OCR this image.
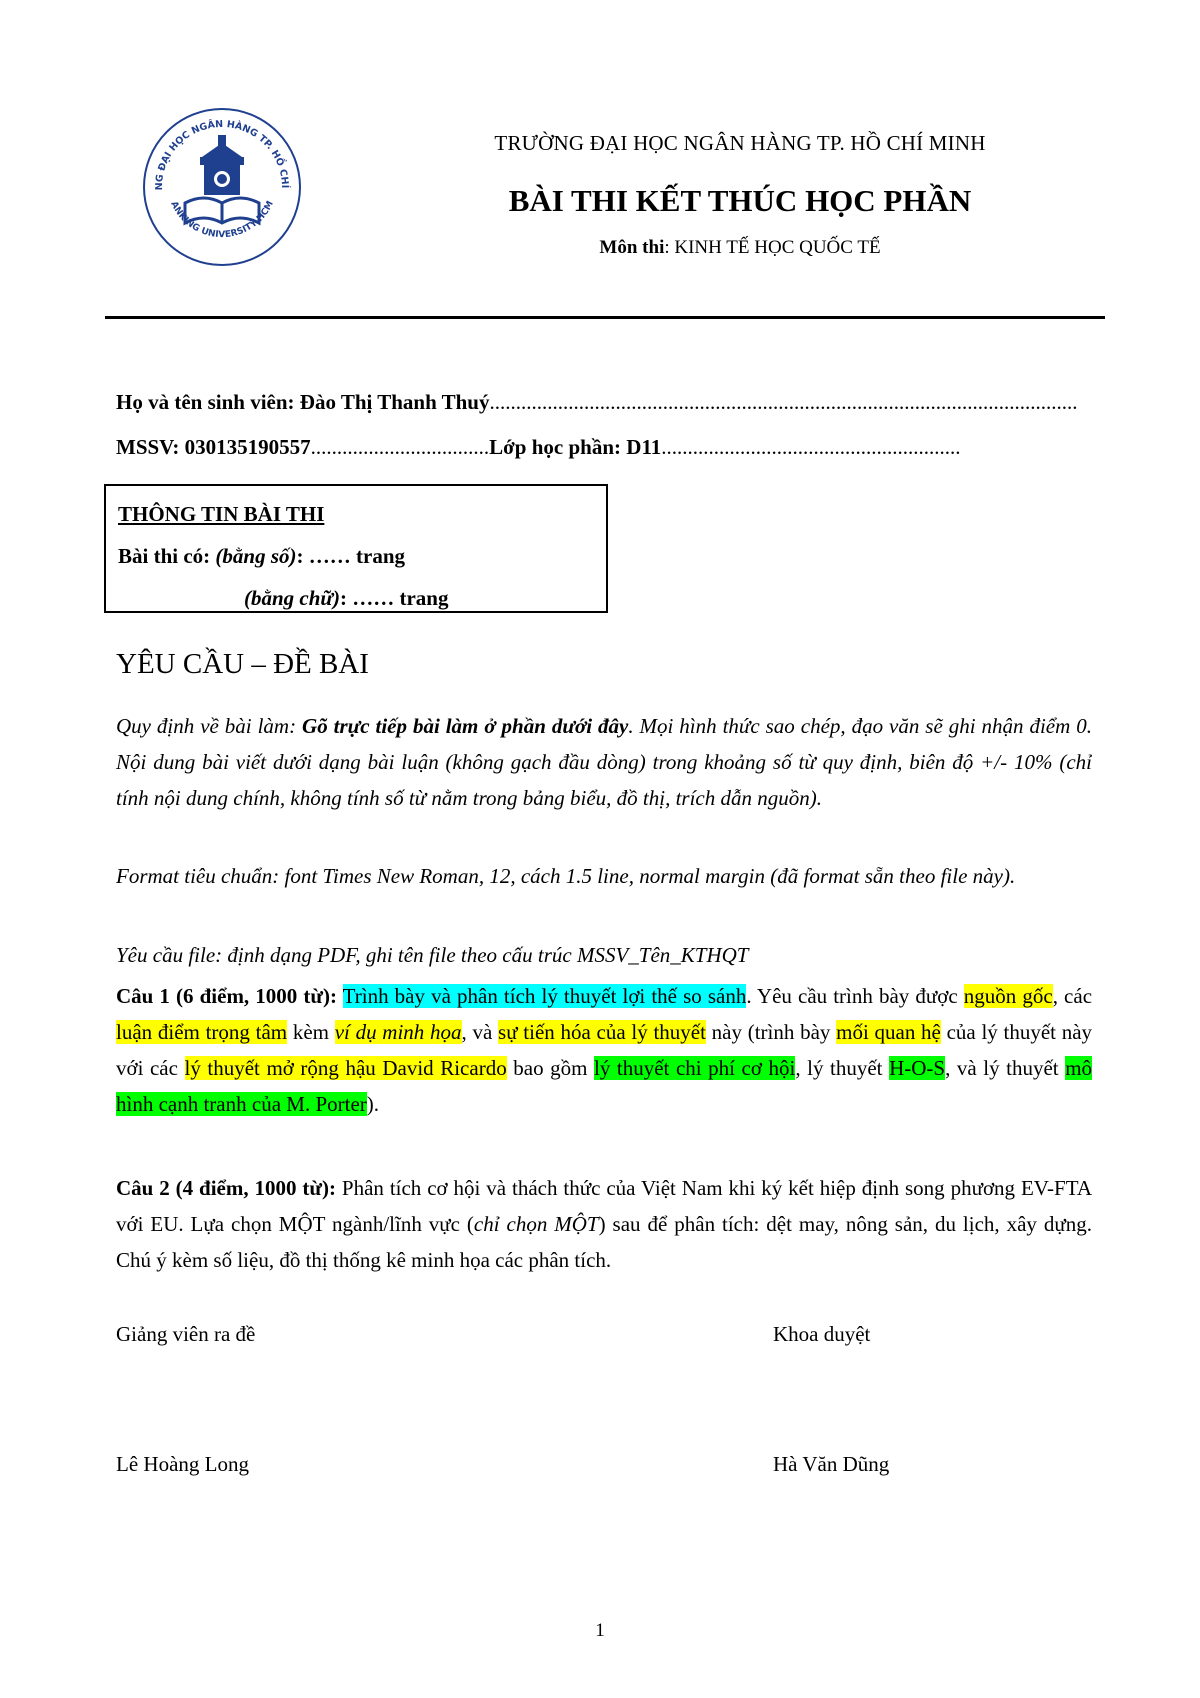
NG ĐẠI HỌC NGÂN HÀNG TP. HỒ CHÍ
ANKING UNIVERSITY HCM
TRƯỜNG ĐẠI HỌC NGÂN HÀNG TP. HỒ CHÍ MINH
BÀI THI KẾT THÚC HỌC PHẦN
Môn thi: KINH TẾ HỌC QUỐC TẾ
Họ và tên sinh viên: Đào Thị Thanh Thuý................................................................................................................
MSSV: 030135190557..................................Lớp học phần: D11.........................................................
THÔNG TIN BÀI THI
Bài thi có: (bằng số): …… trang
(bằng chữ): …… trang
YÊU CẦU – ĐỀ BÀI
Quy định về bài làm: Gõ trực tiếp bài làm ở phần dưới đây. Mọi hình thức sao chép, đạo văn sẽ ghi nhận điểm 0. Nội dung bài viết dưới dạng bài luận (không gạch đầu dòng) trong khoảng số từ quy định, biên độ +/- 10% (chỉ tính nội dung chính, không tính số từ nằm trong bảng biểu, đồ thị, trích dẫn nguồn).
Format tiêu chuẩn: font Times New Roman, 12, cách 1.5 line, normal margin (đã format sẵn theo file này).
Yêu cầu file: định dạng PDF, ghi tên file theo cấu trúc MSSV_Tên_KTHQT
Câu 1 (6 điểm, 1000 từ): Trình bày và phân tích lý thuyết lợi thế so sánh. Yêu cầu trình bày được nguồn gốc, các luận điểm trọng tâm kèm ví dụ minh họa, và sự tiến hóa của lý thuyết này (trình bày mối quan hệ của lý thuyết này với các lý thuyết mở rộng hậu David Ricardo bao gồm lý thuyết chi phí cơ hội, lý thuyết H-O-S, và lý thuyết mô hình cạnh tranh của M. Porter).
Câu 2 (4 điểm, 1000 từ): Phân tích cơ hội và thách thức của Việt Nam khi ký kết hiệp định song phương EV-FTA với EU. Lựa chọn MỘT ngành/lĩnh vực (chỉ chọn MỘT) sau để phân tích: dệt may, nông sản, du lịch, xây dựng. Chú ý kèm số liệu, đồ thị thống kê minh họa các phân tích.
Giảng viên ra đề	Khoa duyệt
Lê Hoàng Long	Hà Văn Dũng
1
